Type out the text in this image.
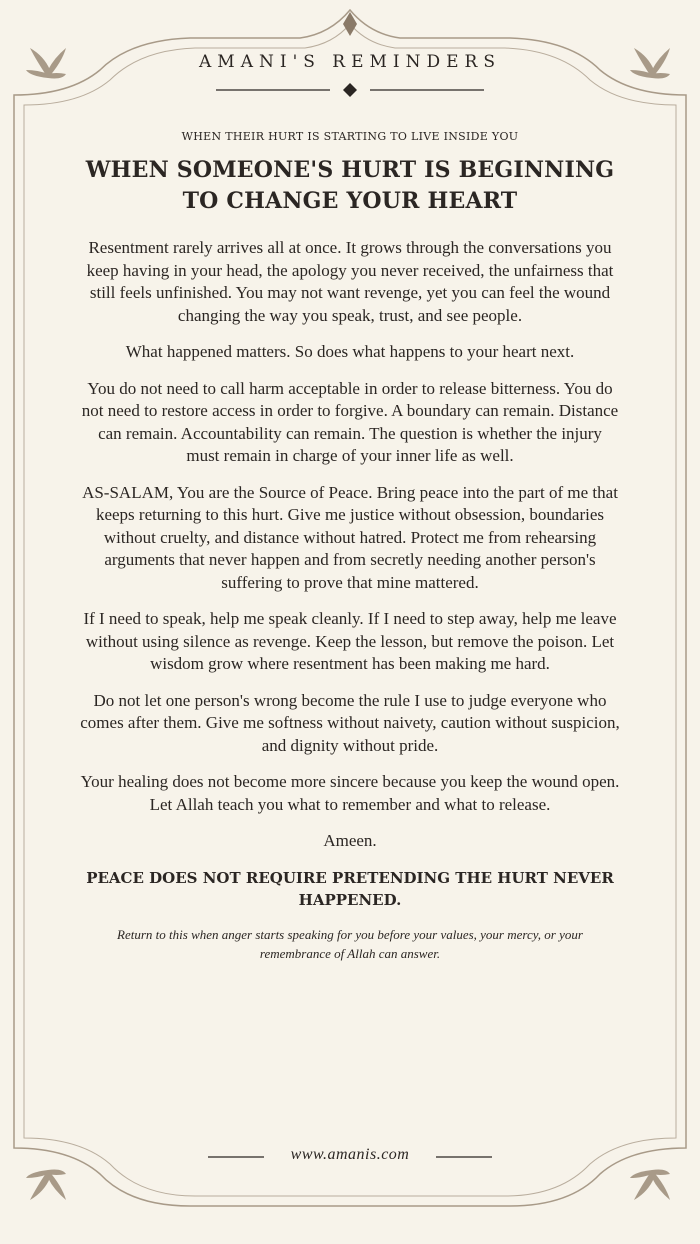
AMANI'S REMINDERS

WHEN THEIR HURT IS STARTING TO LIVE INSIDE YOU

WHEN SOMEONE'S HURT IS BEGINNING TO CHANGE YOUR HEART

Resentment rarely arrives all at once. It grows through the conversations you keep having in your head, the apology you never received, the unfairness that still feels unfinished. You may not want revenge, yet you can feel the wound changing the way you speak, trust, and see people.

What happened matters. So does what happens to your heart next.

You do not need to call harm acceptable in order to release bitterness. You do not need to restore access in order to forgive. A boundary can remain. Distance can remain. Accountability can remain. The question is whether the injury must remain in charge of your inner life as well.

AS-SALAM, You are the Source of Peace. Bring peace into the part of me that keeps returning to this hurt. Give me justice without obsession, boundaries without cruelty, and distance without hatred. Protect me from rehearsing arguments that never happen and from secretly needing another person's suffering to prove that mine mattered.

If I need to speak, help me speak cleanly. If I need to step away, help me leave without using silence as revenge. Keep the lesson, but remove the poison. Let wisdom grow where resentment has been making me hard.

Do not let one person's wrong become the rule I use to judge everyone who comes after them. Give me softness without naivety, caution without suspicion, and dignity without pride.

Your healing does not become more sincere because you keep the wound open. Let Allah teach you what to remember and what to release.

Ameen.

PEACE DOES NOT REQUIRE PRETENDING THE HURT NEVER HAPPENED.

Return to this when anger starts speaking for you before your values, your mercy, or your remembrance of Allah can answer.

www.amanis.com
